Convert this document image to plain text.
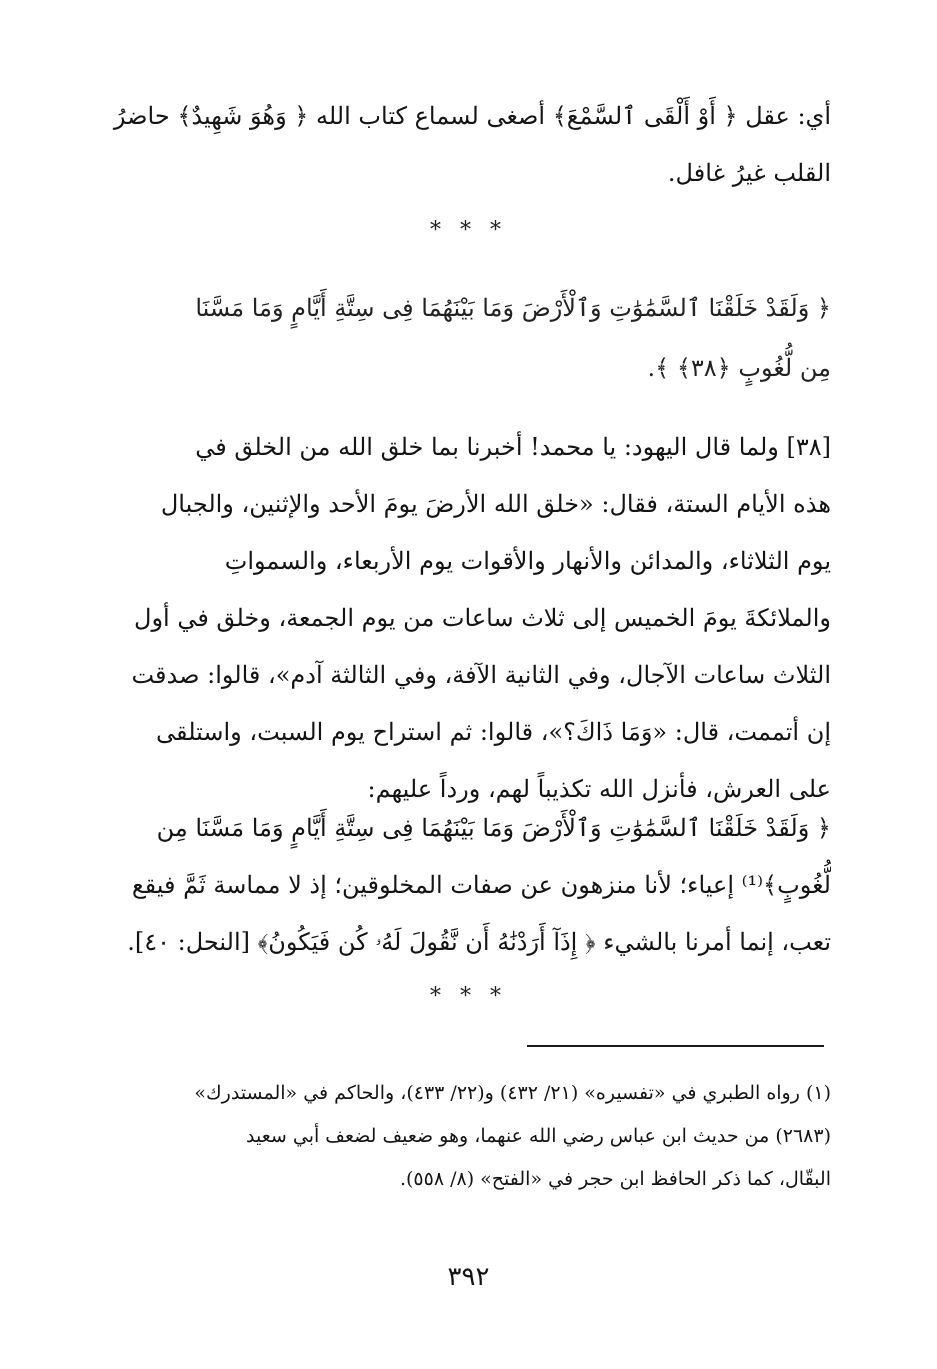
أي: عقل ﴿ أَوْ أَلْقَى ٱلسَّمْعَ﴾ أصغى لسماع كتاب الله ﴿ وَهُوَ شَهِيدٌ﴾ حاضرُ
القلب غيرُ غافل.
* * *
﴿ وَلَقَدْ خَلَقْنَا ٱلسَّمَٰوَٰتِ وَٱلْأَرْضَ وَمَا بَيْنَهُمَا فِى سِتَّةِ أَيَّامٍ وَمَا مَسَّنَا
مِن لُّغُوبٍ ﴿٣٨﴾ ﴾.
[٣٨] ولما قال اليهود: يا محمد! أخبرنا بما خلق الله من الخلق في
هذه الأيام الستة، فقال: «خلق الله الأرضَ يومَ الأحد والإثنين، والجبال
يوم الثلاثاء، والمدائن والأنهار والأقوات يوم الأربعاء، والسمواتِ
والملائكةَ يومَ الخميس إلى ثلاث ساعات من يوم الجمعة، وخلق في أول
الثلاث ساعات الآجال، وفي الثانية الآفة، وفي الثالثة آدم»، قالوا: صدقت
إن أتممت، قال: «وَمَا ذَاكَ؟»، قالوا: ثم استراح يوم السبت، واستلقى
على العرش، فأنزل الله تكذيباً لهم، ورداً عليهم:
﴿ وَلَقَدْ خَلَقْنَا ٱلسَّمَٰوَٰتِ وَٱلْأَرْضَ وَمَا بَيْنَهُمَا فِى سِتَّةِ أَيَّامٍ وَمَا مَسَّنَا مِن
لُّغُوبٍ﴾⁽¹⁾ إعياء؛ لأنا منزهون عن صفات المخلوقين؛ إذ لا مماسة ثَمَّ فيقع
تعب، إنما أمرنا بالشيء ﴿ إِذَآ أَرَدْنَٰهُ أَن نَّقُولَ لَهُۥ كُن فَيَكُونُ﴾ [النحل: ٤٠].
* * *
(١) رواه الطبري في «تفسيره» (٢١/ ٤٣٢) و(٢٢/ ٤٣٣)، والحاكم في «المستدرك»
(٢٦٨٣) من حديث ابن عباس رضي الله عنهما، وهو ضعيف لضعف أبي سعيد
البقّال، كما ذكر الحافظ ابن حجر في «الفتح» (٨/ ٥٥٨).
٣٩٢
